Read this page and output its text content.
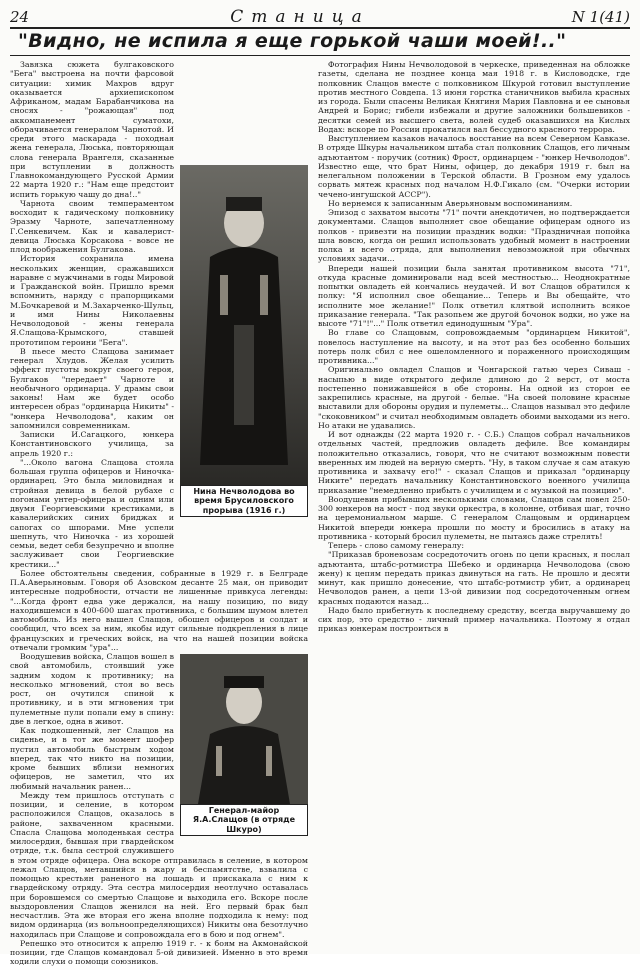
24	Станица	N 1(41)
"Видно, не испила я еще горькой чаши моей!.."
Нина Нечволодова во время Брусиловского прорыва (1916 г.)

Завязка сюжета булгаковского "Бега" выстроена на почти фарсовой ситуации: химик Махров вдруг оказывается архиепископом Африканом, мадам Барабанчикова на сносях - "рожающая" под аккомпанемент суматохи, оборачивается генералом Чарнотой. И среди этого маскарада - походная жена генерала, Люська, повторяющая слова генерала Врангеля, сказанные при вступлении в должность Главнокомандующего Русской Армии 22 марта 1920 г.: "Нам еще предстоит испить горькую чашу до дна!.."

Чарнота своим темпераментом восходит к гадическому полковнику Эразму Чарноте, запечатленному Г.Сенкевичем. Как и кавалерист-девица Люська Корсакова - вовсе не плод воображения Булгакова.

История сохранила имена нескольких женщин, сражавшихся наравне с мужчинами в годы Мировой и Гражданской войн. Пришло время вспомнить, наряду с прапорщиками М.Бочкаревой и М.Захарченко-Шульц, и имя Нины Николаевны Нечволодовой - жены генерала Я.Слащова-Крымского, ставшей прототипом героини "Бега".

В пьесе место Слащова занимает генерал Хлудов. Желая усилить эффект пустоты вокруг своего героя, Булгаков "передает" Чарноте и необычного ординарца. У драмы свои законы! Нам же будет особо интересен образ "ординарца Никиты" - "юнкера Нечволодова", каким он запомнился современникам.

Записки И.Сагацкого, юнкера Константиновского училища, за апрель 1920 г.:

"...Около вагона Слащова стояла большая группа офицеров и Ниночка-ординарец. Это была миловидная и стройная девица в белой рубахе с погонами унтер-офицера и одним или двумя Георгиевскими крестиками, в кавалерийских синих бриджах и сапогах со шпорами. Мне успели шепнуть, что Ниночка - из хорошей семьи, ведет себя безупречно и вполне заслуживает свои Георгиевские крестики..."

Более обстоятельны сведения, собранные в 1929 г. в Белграде П.А.Аверьяновым. Говоря об Азовском десанте 25 мая, он приводит интересные подробности, отчасти не лишенные привкуса легенды: "...Когда фронт едва уже держался, на нашу позицию, по виду находившемся в 400-600 шагах противника, с большим шумом влетел автомобиль. Из него вышел Слащов, обошел офицеров и солдат и сообщил, что всех за ним, якобы идут сильные подкрепления в лице французских и греческих войск, на что на нашей позиции войска отвечали громким "ура"...

Генерал-майор Я.А.Слащов (в отряде Шкуро)

Воодушевив войска, Слащов вошел в свой автомобиль, стоявший уже задним ходом к противнику; на несколько мгновений, стоя во весь рост, он очутился спиной к противнику, и в эти мгновения три пулеметные пули попали ему в спину: две в легкое, одна в живот.

Как подкошенный, лег Слащов на сиденье, и в тот же момент шофер пустил автомобиль быстрым ходом вперед, так что никто на позиции, кроме бывших вблизи немногих офицеров, не заметил, что их любимый начальник ранен...

Между тем пришлось отступать с позиции, и селение, в котором расположился Слащов, оказалось в районе, захваченном красными. Спасла Слащова молоденькая сестра милосердия, бывшая при гвардейском отряде, т.к. была сестрой служившего в этом отряде офицера. Она вскоре отправилась в селение, в котором лежал Слащов, метавшийся в жару и беспамятстве, взвалила с помощью крестьян раненого на лошадь и прискакала с ним к гвардейскому отряду. Эта сестра милосердия неотлучно оставалась при боровшемся со смертью Слащове и выходила его. Вскоре после выздоровления Слащов женился на ней. Его первый брак был несчастлив. Эта же вторая его жена вполне подходила к нему: под видом ординарца (из вольноопределяющихся) Никиты она безотлучно находилась при Слащове и сопровождала его в бою и под огнем".

Репешко это относится к апрелю 1919 г. - к боям на Акмонайской позиции, где Слащов командовал 5-ой дивизией. Именно в это время ходили слухи о помощи союзников.

Фотография Нины Нечволодовой в черкеске, приведенная на обложке газеты, сделана не позднее конца мая 1918 г. в Кисловодске, где полковник Слащов вместе с полковником Шкурой готовил выступление против местного Совдепа. 13 июня горстка станичников выбила красных из города. Были спасены Великая Княгиня Мария Павловна и ее сыновья Андрей и Борис; гибели избежали и другие заложники большевиков - десятки семей из высшего света, волей судеб оказавшихся на Кислых Водах: вскоре по России прокатился вал бессудного красного террора.

Выступлением казаков началось восстание на всем Северном Кавказе. В отряде Шкуры начальником штаба стал полковник Слащов, его личным адъютантом - поручик (сотник) Фрост, ординарцем - "юнкер Нечволодов". Известно еще, что брат Нины, офицер, до декабря 1919 г. был на нелегальном положении в Терской области. В Грозном ему удалось сорвать мятеж красных под началом Н.Ф.Гикало (см. "Очерки истории чечено-ингушской АССР").

Но вернемся к записанным Аверьяновым воспоминаниям.

Эпизод с захватом высоты "71" почти анекдотичен, но подтверждается документами. Слащов выполняет свое обещание офицерам одного из полков - привезти на позиции праздник водки: "Праздничная попойка шла вовсю, когда он решил использовать удобный момент в настроении полка и всего отряда, для выполнения невозможной при обычных условиях задачи...

Впереди нашей позиции была занятая противником высота "71", откуда красные доминировали над всей местностью... Неоднократные попытки овладеть ей кончались неудачей. И вот Слащов обратился к полку: "Я исполнил свое обещание... Теперь и Вы обещайте, что исполните мое желание!" Полк ответил клятвой исполнить всякое приказание генерала. "Так разопьем же другой бочонок водки, но уже на высоте "71"!"..." Полк ответил единодушным "Ура".

Во главе со Слащовым, сопровождаемым "ординарцем Никитой", повелось наступление на высоту, и на этот раз без особенно больших потерь полк сбил с нее ошеломленного и пораженного происходящим противника..."

Оригинально овладел Слащов и Чонгарской гатью через Сиваш - насыпью в виде открытого дефиле длиною до 2 верст, от моста постепенно понижавшейся в обе стороны. На одной из сторон ее закрепились красные, на другой - белые. "На своей половине красные выставили для обороны орудия и пулеметы... Слащов называл это дефиле "скоковником" и считал необходимым овладеть обоими выходами из него. Но атаки не удавались.

И вот однажды (22 марта 1920 г. - С.Б.) Слащов собрал начальников отдельных частей, предложив овладеть дефиле. Все командиры положительно отказались, говоря, что не считают возможным повести вверенных им людей на верную смерть. "Ну, в таком случае я сам атакую противника и захвачу его!" - сказал Слащов и приказал "ординарцу Никите" передать начальнику Константиновского военного училища приказание "немедленно прибыть с училищем и с музыкой на позицию".

Воодушевив прибывших несколькими словами, Слащов сам повел 250-300 юнкеров на мост - под звуки оркестра, в колонне, отбивая шаг, точно на церемониальном марше. С генералом Слащовым и ординарцем Никитой впереди юнкера прошли по мосту и бросились в атаку на противника - который бросил пулеметы, не пытаясь даже стрелять!

Теперь - слово самому генералу:

"Приказав броневозам сосредоточить огонь по цепи красных, я послал адъютанта, штабс-ротмистра Шебеко и ординарца Нечволодова (свою жену) к цепям передать приказ двинуться на гать. Не прошло и десяти минут, как пришло донесение, что штабс-ротмистр убит, а ординарец Нечволодов ранен, а цепи 13-ой дивизии под сосредоточенным огнем красных подаются назад...

Надо было прибегнуть к последнему средству, всегда выручавшему до сих пор, это средство - личный пример начальника. Поэтому я отдал приказ юнкерам построиться в
